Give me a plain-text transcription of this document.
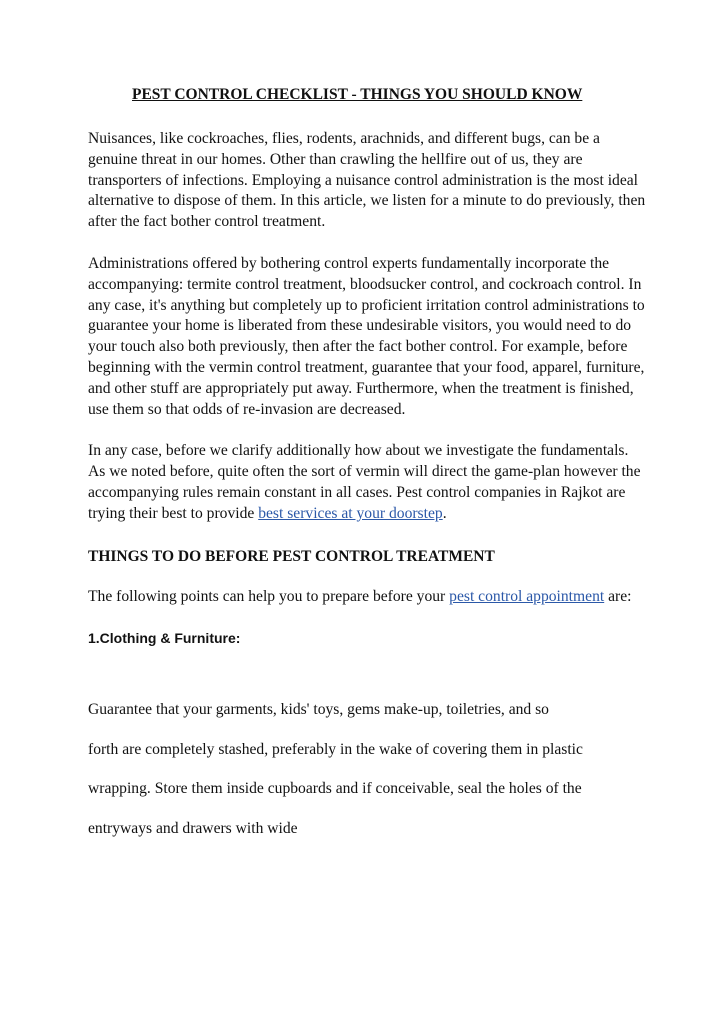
PEST CONTROL CHECKLIST - THINGS YOU SHOULD KNOW

Nuisances, like cockroaches, flies, rodents, arachnids, and different bugs, can be a genuine threat in our homes. Other than crawling the hellfire out of us, they are transporters of infections. Employing a nuisance control administration is the most ideal alternative to dispose of them. In this article, we listen for a minute to do previously, then after the fact bother control treatment.

Administrations offered by bothering control experts fundamentally incorporate the accompanying: termite control treatment, bloodsucker control, and cockroach control. In any case, it's anything but completely up to proficient irritation control administrations to guarantee your home is liberated from these undesirable visitors, you would need to do your touch also both previously, then after the fact bother control. For example, before beginning with the vermin control treatment, guarantee that your food, apparel, furniture, and other stuff are appropriately put away. Furthermore, when the treatment is finished, use them so that odds of re-invasion are decreased.

In any case, before we clarify additionally how about we investigate the fundamentals. As we noted before, quite often the sort of vermin will direct the game-plan however the accompanying rules remain constant in all cases. Pest control companies in Rajkot are trying their best to provide best services at your doorstep.

THINGS TO DO BEFORE PEST CONTROL TREATMENT

The following points can help you to prepare before your pest control appointment are:

1.Clothing & Furniture:
Guarantee that your garments, kids' toys, gems make-up, toiletries, and so
forth are completely stashed, preferably in the wake of covering them in plastic
wrapping. Store them inside cupboards and if conceivable, seal the holes of the
entryways and drawers with wide
